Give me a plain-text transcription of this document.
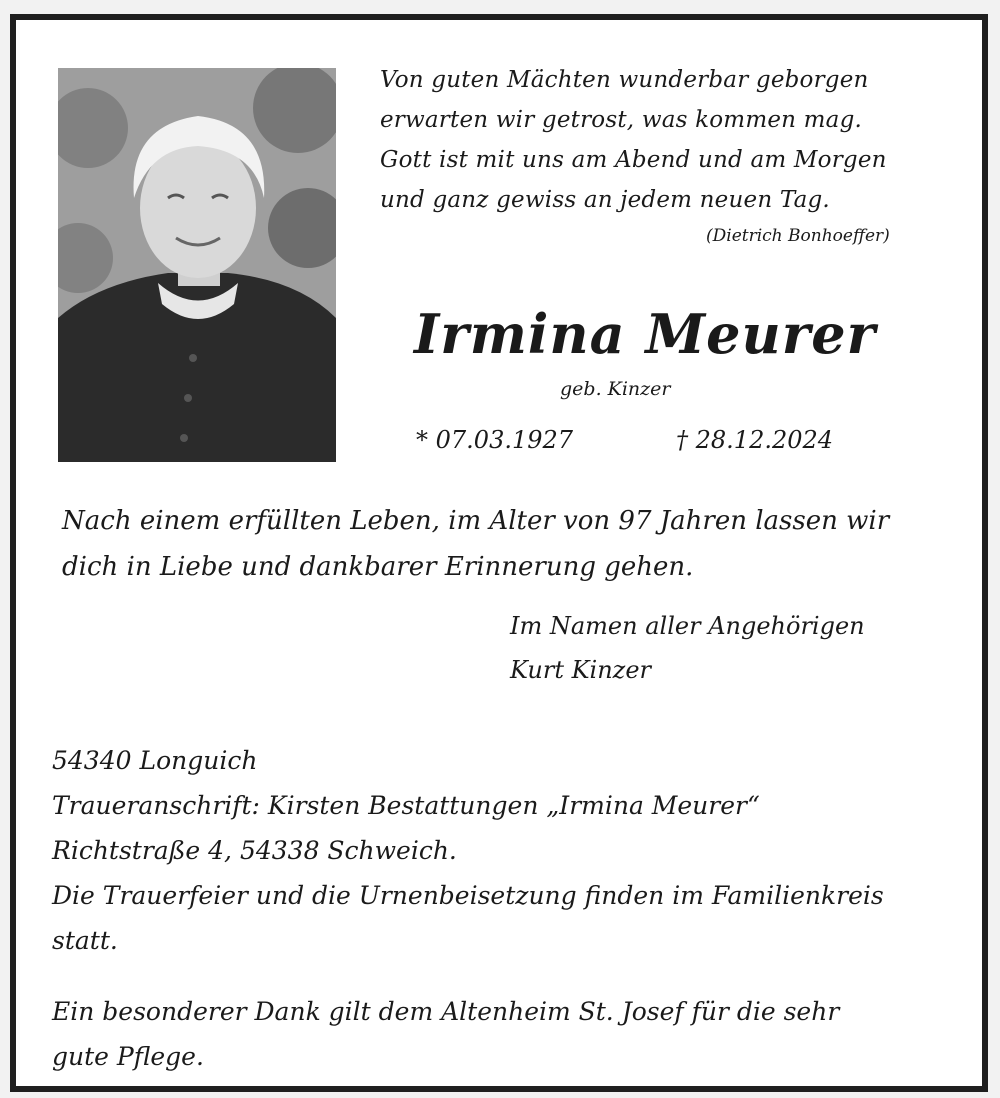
Von guten Mächten wunderbar geborgen
erwarten wir getrost, was kommen mag.
Gott ist mit uns am Abend und am Morgen
und ganz gewiss an jedem neuen Tag.
(Dietrich Bonhoeffer)
Irmina Meurer
geb. Kinzer
* 07.03.1927	† 28.12.2024
Nach einem erfüllten Leben, im Alter von 97 Jahren lassen wir
dich in Liebe und dankbarer Erinnerung gehen.
Im Namen aller Angehörigen
Kurt Kinzer
54340 Longuich
Traueranschrift: Kirsten Bestattungen „Irmina Meurer“
Richtstraße 4, 54338 Schweich.
Die Trauerfeier und die Urnenbeisetzung finden im Familienkreis
statt.
Ein besonderer Dank gilt dem Altenheim St. Josef für die sehr
gute Pflege.
